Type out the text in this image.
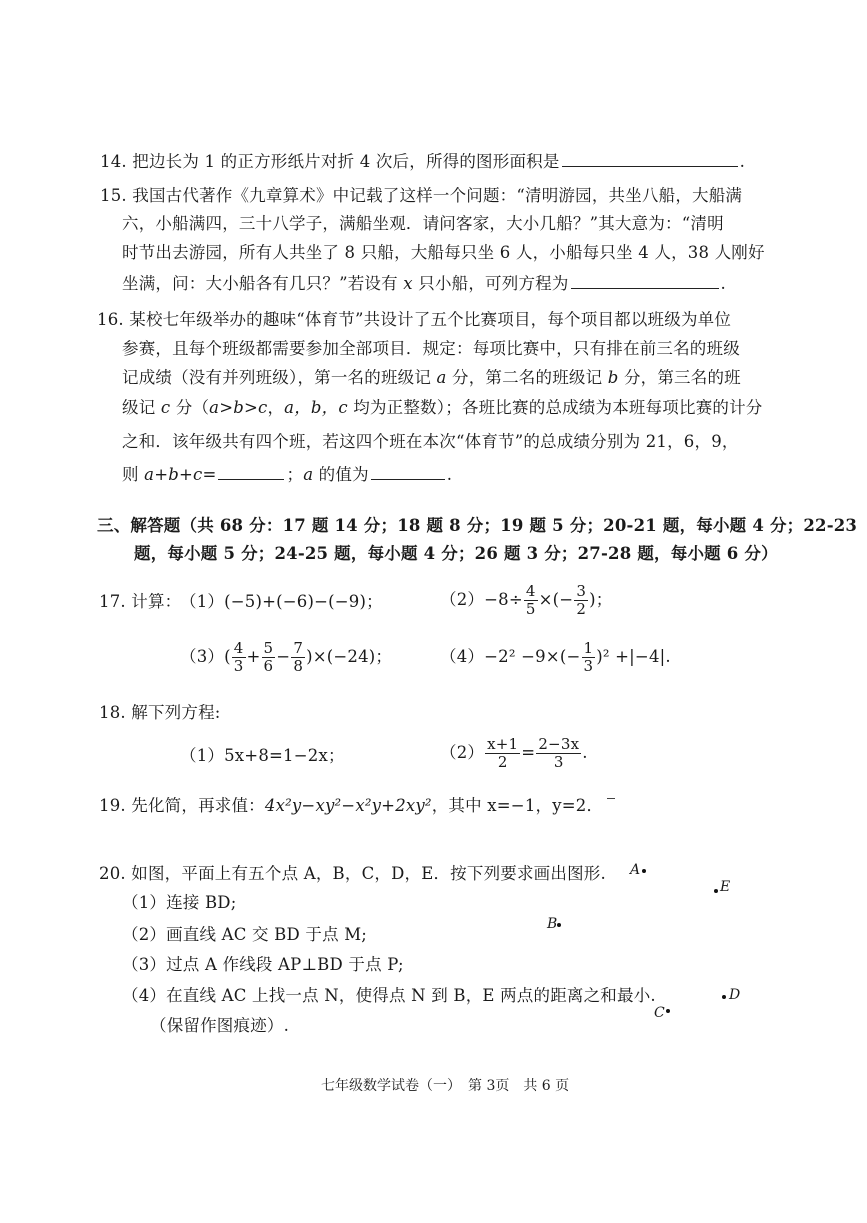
14. 把边长为 1 的正方形纸片对折 4 次后，所得的图形面积是	.
15. 我国古代著作《九章算术》中记载了这样一个问题：“清明游园，共坐八船，大船满
六，小船满四，三十八学子，满船坐观．请问客家，大小几船？”其大意为：“清明
时节出去游园，所有人共坐了 8 只船，大船每只坐 6 人，小船每只坐 4 人，38 人刚好
坐满，问：大小船各有几只？”若设有 x 只小船，可列方程为	.
16. 某校七年级举办的趣味“体育节”共设计了五个比赛项目，每个项目都以班级为单位
参赛，且每个班级都需要参加全部项目．规定：每项比赛中，只有排在前三名的班级
记成绩（没有并列班级），第一名的班级记 a 分，第二名的班级记 b 分，第三名的班
级记 c 分（a>b>c，a，b，c 均为正整数）；各班比赛的总成绩为本班每项比赛的计分
之和．该年级共有四个班，若这四个班在本次“体育节”的总成绩分别为 21，6，9，
则 a+b+c=	；a 的值为	.
三、解答题（共 68 分：17 题 14 分；18 题 8 分；19 题 5 分；20-21 题，每小题 4 分；22-23
题，每小题 5 分；24-25 题，每小题 4 分；26 题 3 分；27-28 题，每小题 6 分）
17. 计算：
（1）(−5)+(−6)−(−9)；	$(2)-8\div \frac{4}{5}$ ×(− $\frac{3}{2}$ )；
$(3)( \frac{4}{3} + \frac{5}{6} - \frac{7}{8} )\times(-24)$；	$(4)-2^2 -9\times(- \frac{1}{3} )^2 +|-4|$.
18. 解下列方程:
（1）5x+8=1−2x；	$(2) \frac{x+1}{2} = \frac{2-3x}{3}$ .
19. 先化简，再求值：4x²y−xy²−x²y+2xy²，其中 x=−1，y=2．
20. 如图，平面上有五个点 A，B，C，D，E．按下列要求画出图形.
（1）连接 BD;
（2）画直线 AC 交 BD 于点 M;
（3）过点 A 作线段 AP⊥BD 于点 P;
（4）在直线 AC 上找一点 N，使得点 N 到 B，E 两点的距离之和最小.
（保留作图痕迹）.
A
E
B
D
C
七年级数学试卷（一）　第 3页　共 6 页
